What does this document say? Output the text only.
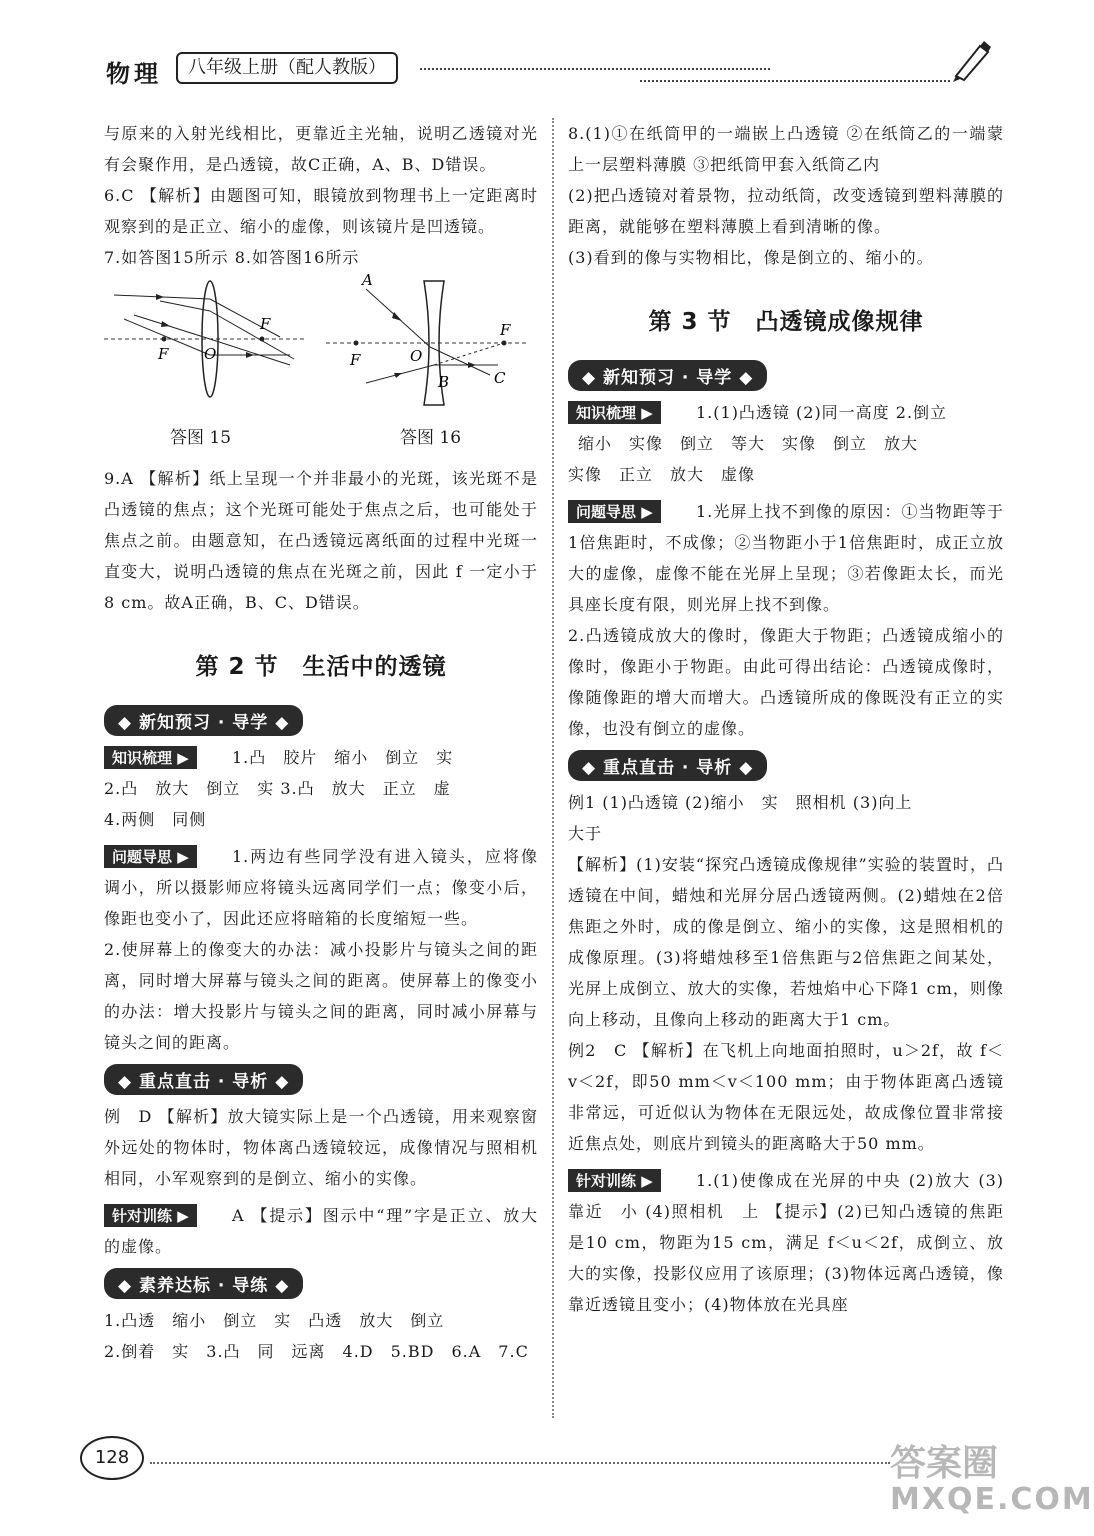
物理	八年级上册（配人教版）

与原来的入射光线相比，更靠近主光轴，说明乙透镜对光有会聚作用，是凸透镜，故C正确，A、B、D错误。

6.C 【解析】由题图可知，眼镜放到物理书上一定距离时观察到的是正立、缩小的虚像，则该镜片是凹透镜。

7.如答图15所示 8.如答图16所示

F
F O
A
F	O
B
F
C
答图 15	答图 16

9.A 【解析】纸上呈现一个并非最小的光斑，该光斑不是凸透镜的焦点；这个光斑可能处于焦点之后，也可能处于焦点之前。由题意知，在凸透镜远离纸面的过程中光斑一直变大，说明凸透镜的焦点在光斑之前，因此 f 一定小于 8 cm。故A正确，B、C、D错误。

第 2 节　生活中的透镜
◆ 新知预习 · 导学 ◆
知识梳理 ▶	1.凸　胶片　缩小　倒立　实

2.凸　放大　倒立　实 3.凸　放大　正立　虚

4.两侧　同侧

问题导思 ▶	1.两边有些同学没有进入镜头，应将像调小，所以摄影师应将镜头远离同学们一点；像变小后，像距也变小了，因此还应将暗箱的长度缩短一些。

2.使屏幕上的像变大的办法：减小投影片与镜头之间的距离，同时增大屏幕与镜头之间的距离。使屏幕上的像变小的办法：增大投影片与镜头之间的距离，同时减小屏幕与镜头之间的距离。

◆ 重点直击 · 导析 ◆

例　D 【解析】放大镜实际上是一个凸透镜，用来观察窗外远处的物体时，物体离凸透镜较远，成像情况与照相机相同，小军观察到的是倒立、缩小的实像。

针对训练 ▶	A 【提示】图示中“理”字是正立、放大的虚像。

◆ 素养达标 · 导练 ◆

1.凸透　缩小　倒立　实　凸透　放大　倒立

2.倒着　实　3.凸　同　远离　4.D　5.BD　6.A　7.C

8.(1)①在纸筒甲的一端嵌上凸透镜 ②在纸筒乙的一端蒙上一层塑料薄膜 ③把纸筒甲套入纸筒乙内

(2)把凸透镜对着景物，拉动纸筒，改变透镜到塑料薄膜的距离，就能够在塑料薄膜上看到清晰的像。

(3)看到的像与实物相比，像是倒立的、缩小的。

第 3 节　凸透镜成像规律
◆ 新知预习 · 导学 ◆
知识梳理 ▶	1.(1)凸透镜 (2)同一高度 2.倒立

缩小　实像　倒立　等大　实像　倒立　放大

实像　正立　放大　虚像

问题导思 ▶	1.光屏上找不到像的原因：①当物距等于1倍焦距时，不成像；②当物距小于1倍焦距时，成正立放大的虚像，虚像不能在光屏上呈现；③若像距太长，而光具座长度有限，则光屏上找不到像。

2.凸透镜成放大的像时，像距大于物距；凸透镜成缩小的像时，像距小于物距。由此可得出结论：凸透镜成像时，像随像距的增大而增大。凸透镜所成的像既没有正立的实像，也没有倒立的虚像。

◆ 重点直击 · 导析 ◆

例1 (1)凸透镜 (2)缩小　实　照相机 (3)向上

大于

【解析】(1)安装“探究凸透镜成像规律”实验的装置时，凸透镜在中间，蜡烛和光屏分居凸透镜两侧。(2)蜡烛在2倍焦距之外时，成的像是倒立、缩小的实像，这是照相机的成像原理。(3)将蜡烛移至1倍焦距与2倍焦距之间某处，光屏上成倒立、放大的实像，若烛焰中心下降1 cm，则像向上移动，且像向上移动的距离大于1 cm。

例2　C 【解析】在飞机上向地面拍照时，u＞2f，故 f＜v＜2f，即50 mm＜v＜100 mm；由于物体距离凸透镜非常远，可近似认为物体在无限远处，故成像位置非常接近焦点处，则底片到镜头的距离略大于50 mm。

针对训练 ▶	1.(1)使像成在光屏的中央 (2)放大 (3)靠近　小 (4)照相机　上 【提示】(2)已知凸透镜的焦距是10 cm，物距为15 cm，满足 f＜u＜2f，成倒立、放大的实像，投影仪应用了该原理；(3)物体远离凸透镜，像靠近透镜且变小；(4)物体放在光具座

128	答案圈
MXQE.COM
